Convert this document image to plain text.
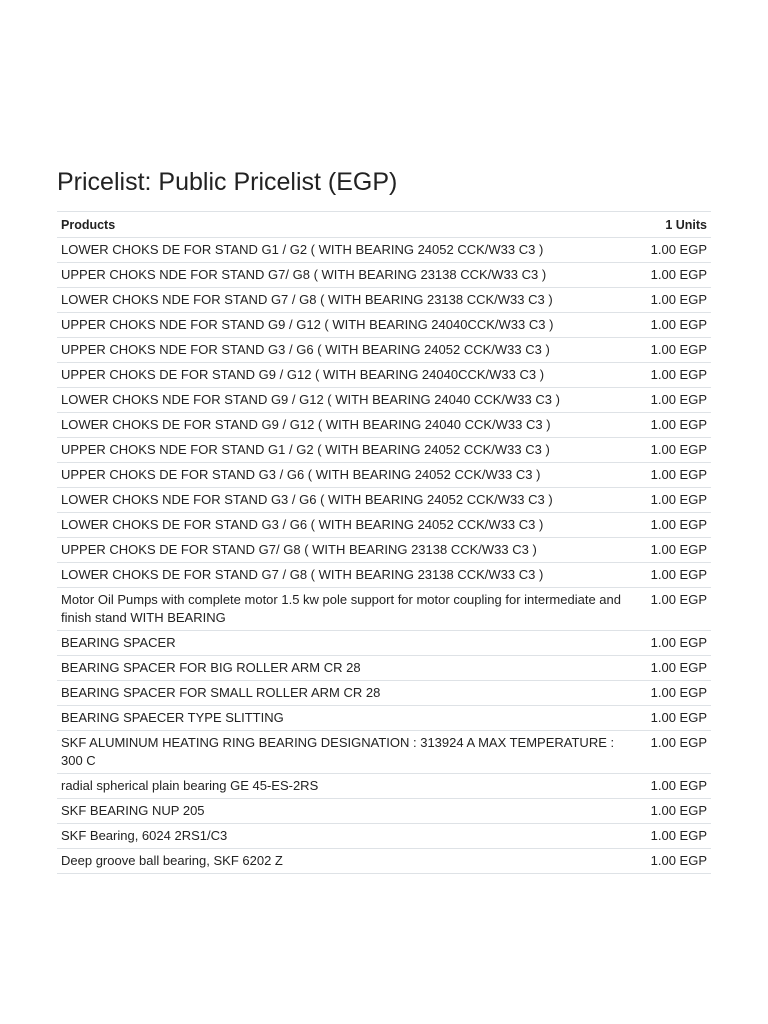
Pricelist: Public Pricelist (EGP)
Products	1 Units
LOWER CHOKS DE FOR STAND G1 / G2 ( WITH BEARING 24052 CCK/W33 C3 )	1.00 EGP
UPPER CHOKS NDE FOR STAND G7/ G8 ( WITH BEARING 23138 CCK/W33 C3 )	1.00 EGP
LOWER CHOKS NDE FOR STAND G7 / G8 ( WITH BEARING 23138 CCK/W33 C3 )	1.00 EGP
UPPER CHOKS NDE FOR STAND G9 / G12 ( WITH BEARING 24040CCK/W33 C3 )	1.00 EGP
UPPER CHOKS NDE FOR STAND G3 / G6 ( WITH BEARING 24052 CCK/W33 C3 )	1.00 EGP
UPPER CHOKS DE FOR STAND G9 / G12 ( WITH BEARING 24040CCK/W33 C3 )	1.00 EGP
LOWER CHOKS NDE FOR STAND G9 / G12 ( WITH BEARING 24040 CCK/W33 C3 )	1.00 EGP
LOWER CHOKS DE FOR STAND G9 / G12 ( WITH BEARING 24040 CCK/W33 C3 )	1.00 EGP
UPPER CHOKS NDE FOR STAND G1 / G2 ( WITH BEARING 24052 CCK/W33 C3 )	1.00 EGP
UPPER CHOKS DE FOR STAND G3 / G6 ( WITH BEARING 24052 CCK/W33 C3 )	1.00 EGP
LOWER CHOKS NDE FOR STAND G3 / G6 ( WITH BEARING 24052 CCK/W33 C3 )	1.00 EGP
LOWER CHOKS DE FOR STAND G3 / G6 ( WITH BEARING 24052 CCK/W33 C3 )	1.00 EGP
UPPER CHOKS DE FOR STAND G7/ G8 ( WITH BEARING 23138 CCK/W33 C3 )	1.00 EGP
LOWER CHOKS DE FOR STAND G7 / G8 ( WITH BEARING 23138 CCK/W33 C3 )	1.00 EGP
Motor Oil Pumps with complete motor 1.5 kw pole support for motor coupling for intermediate and finish stand WITH BEARING	1.00 EGP
BEARING SPACER	1.00 EGP
BEARING SPACER FOR BIG ROLLER ARM CR 28	1.00 EGP
BEARING SPACER FOR SMALL ROLLER ARM CR 28	1.00 EGP
BEARING SPAECER TYPE SLITTING	1.00 EGP
SKF ALUMINUM HEATING RING BEARING DESIGNATION : 313924 A MAX TEMPERATURE : 300 C	1.00 EGP
radial spherical plain bearing GE 45-ES-2RS	1.00 EGP
SKF BEARING NUP 205	1.00 EGP
SKF Bearing, 6024 2RS1/C3	1.00 EGP
Deep groove ball bearing, SKF 6202 Z	1.00 EGP
